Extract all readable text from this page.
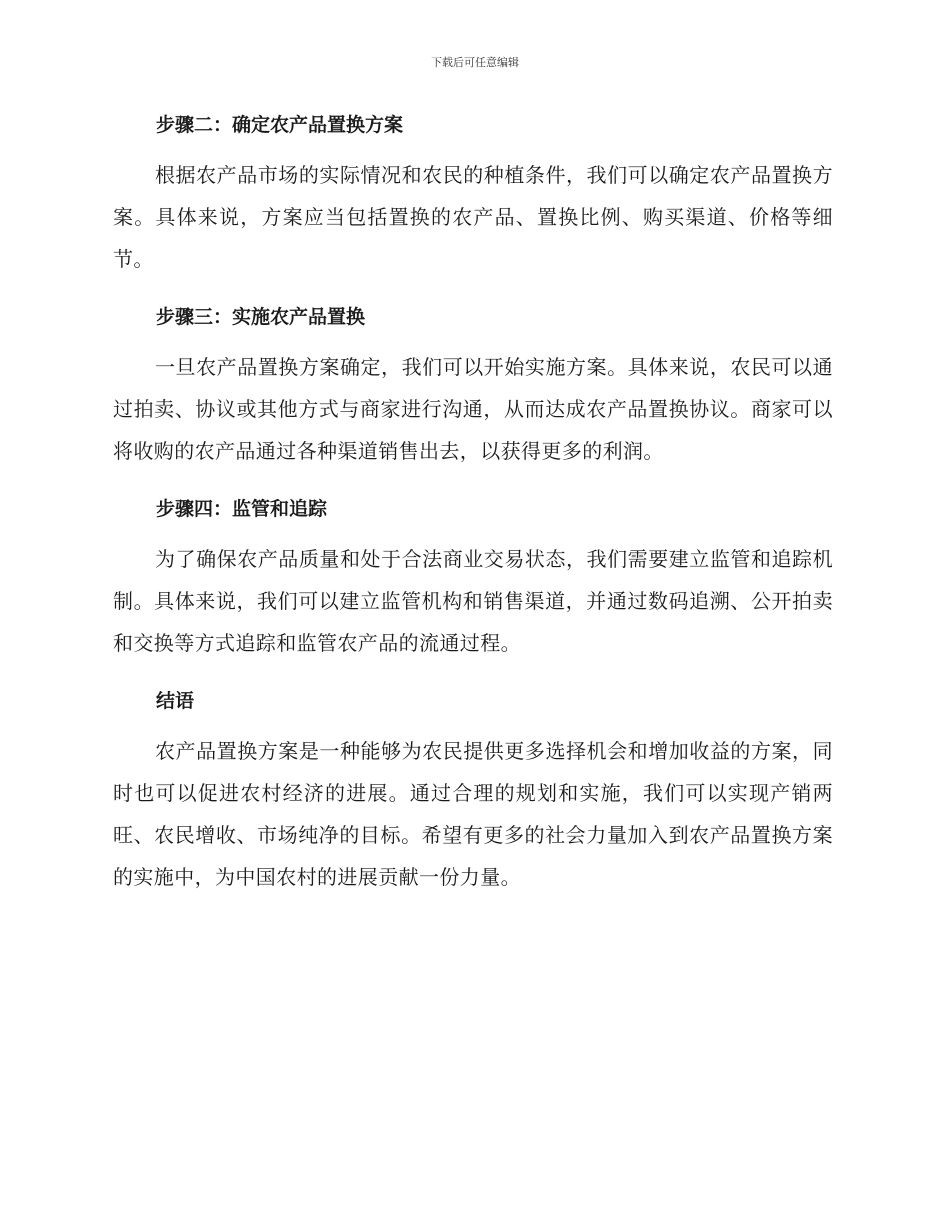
下载后可任意编辑
步骤二：确定农产品置换方案

根据农产品市场的实际情况和农民的种植条件，我们可以确定农产品置换方案。具体来说，方案应当包括置换的农产品、置换比例、购买渠道、价格等细节。

步骤三：实施农产品置换

一旦农产品置换方案确定，我们可以开始实施方案。具体来说，农民可以通过拍卖、协议或其他方式与商家进行沟通，从而达成农产品置换协议。商家可以将收购的农产品通过各种渠道销售出去，以获得更多的利润。

步骤四：监管和追踪

为了确保农产品质量和处于合法商业交易状态，我们需要建立监管和追踪机制。具体来说，我们可以建立监管机构和销售渠道，并通过数码追溯、公开拍卖和交换等方式追踪和监管农产品的流通过程。

结语

农产品置换方案是一种能够为农民提供更多选择机会和增加收益的方案，同时也可以促进农村经济的进展。通过合理的规划和实施，我们可以实现产销两旺、农民增收、市场纯净的目标。希望有更多的社会力量加入到农产品置换方案的实施中，为中国农村的进展贡献一份力量。
